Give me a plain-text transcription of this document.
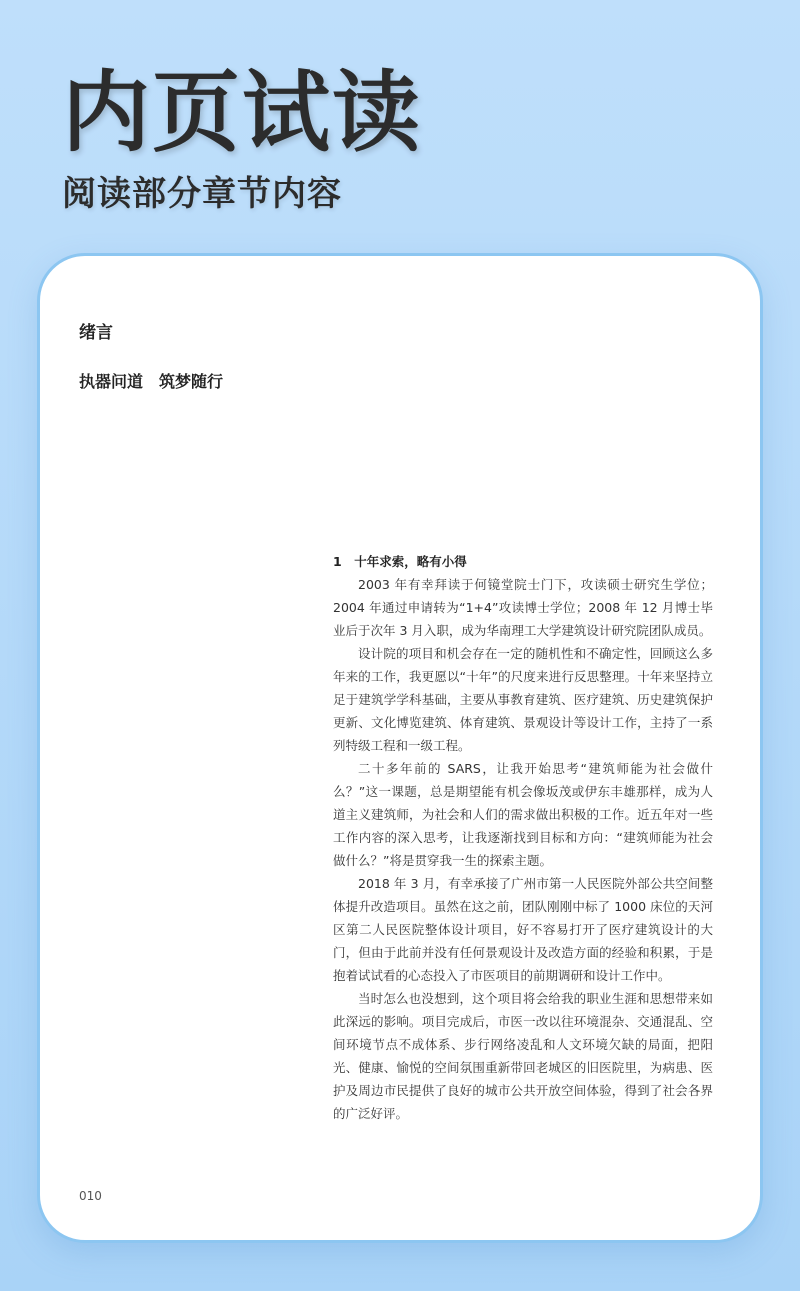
内页试读
阅读部分章节内容
绪言
执器问道　筑梦随行

1　十年求索，略有小得

2003 年有幸拜读于何镜堂院士门下，攻读硕士研究生学位；2004 年通过申请转为“1+4”攻读博士学位；2008 年 12 月博士毕业后于次年 3 月入职，成为华南理工大学建筑设计研究院团队成员。

设计院的项目和机会存在一定的随机性和不确定性，回顾这么多年来的工作，我更愿以“十年”的尺度来进行反思整理。十年来坚持立足于建筑学学科基础，主要从事教育建筑、医疗建筑、历史建筑保护更新、文化博览建筑、体育建筑、景观设计等设计工作，主持了一系列特级工程和一级工程。

二十多年前的 SARS，让我开始思考“建筑师能为社会做什么？”这一课题，总是期望能有机会像坂茂或伊东丰雄那样，成为人道主义建筑师，为社会和人们的需求做出积极的工作。近五年对一些工作内容的深入思考，让我逐渐找到目标和方向：“建筑师能为社会做什么？”将是贯穿我一生的探索主题。

2018 年 3 月，有幸承接了广州市第一人民医院外部公共空间整体提升改造项目。虽然在这之前，团队刚刚中标了 1000 床位的天河区第二人民医院整体设计项目，好不容易打开了医疗建筑设计的大门，但由于此前并没有任何景观设计及改造方面的经验和积累，于是抱着试试看的心态投入了市医项目的前期调研和设计工作中。

当时怎么也没想到，这个项目将会给我的职业生涯和思想带来如此深远的影响。项目完成后，市医一改以往环境混杂、交通混乱、空间环境节点不成体系、步行网络凌乱和人文环境欠缺的局面，把阳光、健康、愉悦的空间氛围重新带回老城区的旧医院里，为病患、医护及周边市民提供了良好的城市公共开放空间体验，得到了社会各界的广泛好评。

010
